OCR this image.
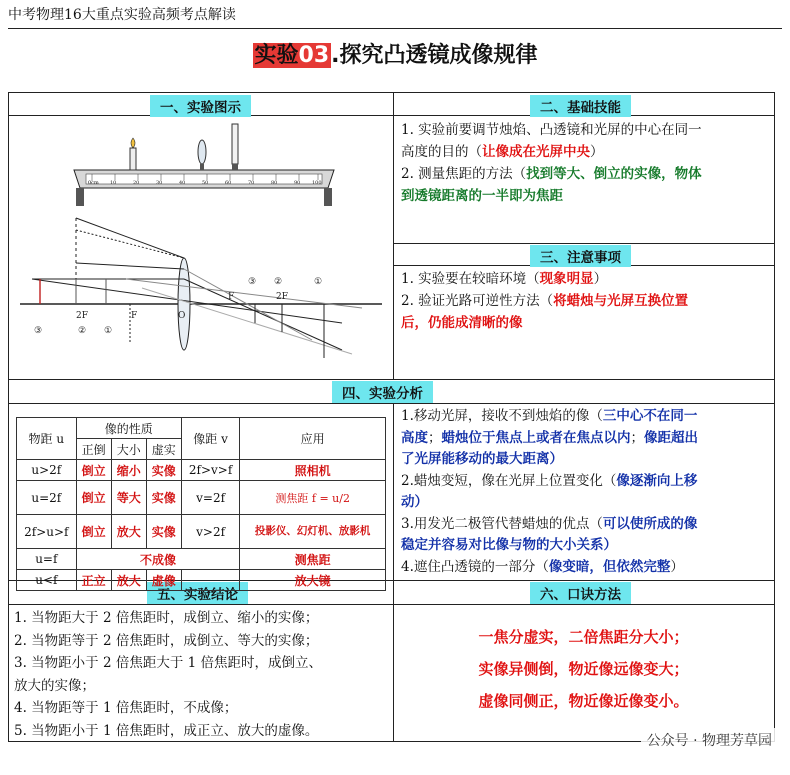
中考物理16大重点实验高频考点解读
实验03.探究凸透镜成像规律
一、实验图示	二、基础技能
三、注意事项
四、实验分析
五、实验结论	六、口诀方法
0cm 10	20	30	40	50	60	70	80	90 100
2F	F	O
F	2F
③	② ①
③ ②	①
1. 实验前要调节烛焰、凸透镜和光屏的中心在同一
高度的目的（让像成在光屏中央）
2. 测量焦距的方法（找到等大、倒立的实像，物体
到透镜距离的一半即为焦距
1. 实验要在较暗环境（现象明显）
2. 验证光路可逆性方法（将蜡烛与光屏互换位置
后，仍能成清晰的像
物距 u	像的性质			像距 v	应用
	正倒	大小	虚实		
u>2f	倒立	缩小	实像	2f>v>f	照相机
u=2f	倒立	等大	实像	v=2f	测焦距 f = u/2
2f>u>f	倒立	放大	实像	v>2f	投影仪、幻灯机、放影机
u=f	不成像				测焦距
u<f	正立	放大	虚像		放大镜
1.移动光屏，接收不到烛焰的像（三中心不在同一
高度；蜡烛位于焦点上或者在焦点以内；像距超出
了光屏能移动的最大距离）
2.蜡烛变短，像在光屏上位置变化（像逐渐向上移
动）
3.用发光二极管代替蜡烛的优点（可以使所成的像
稳定并容易对比像与物的大小关系）
4.遮住凸透镜的一部分（像变暗，但依然完整）
1. 当物距大于 2 倍焦距时，成倒立、缩小的实像；
2. 当物距等于 2 倍焦距时，成倒立、等大的实像；
3. 当物距小于 2 倍焦距大于 1 倍焦距时，成倒立、
放大的实像；
4. 当物距等于 1 倍焦距时，不成像；
5. 当物距小于 1 倍焦距时，成正立、放大的虚像。
一焦分虚实，二倍焦距分大小；
实像异侧倒，物近像远像变大；
虚像同侧正，物近像近像变小。
公众号 · 物理芳草园
